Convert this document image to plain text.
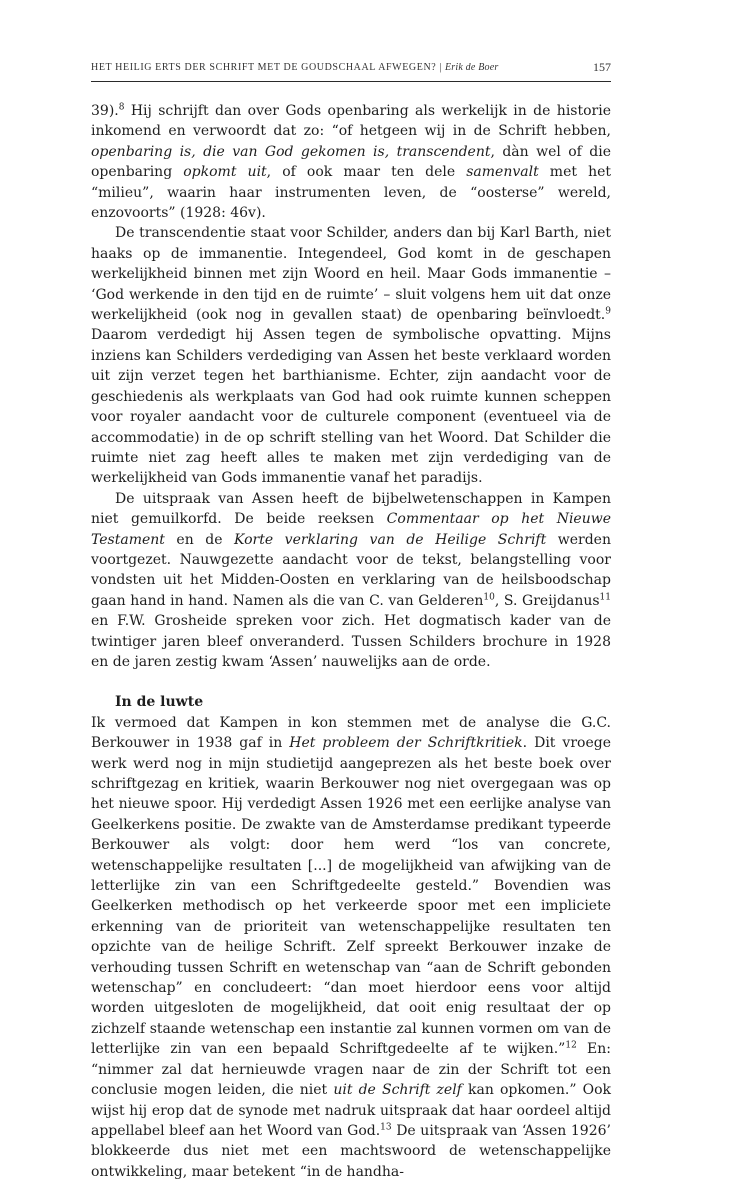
HET HEILIG ERTS DER SCHRIFT MET DE GOUDSCHAAL AFWEGEN? | Erik de Boer	157

39).$^8$ Hij schrijft dan over Gods openbaring als werkelijk in de historie inkomend en verwoordt dat zo: “of hetgeen wij in de Schrift hebben, openbaring is, die van God gekomen is, transcendent, dàn wel of die openbaring opkomt uit, of ook maar ten dele samenvalt met het “milieu”, waarin haar instrumenten leven, de “oosterse” wereld, enzovoorts” (1928: 46v).

De transcendentie staat voor Schilder, anders dan bij Karl Barth, niet haaks op de immanentie. Integendeel, God komt in de geschapen werkelijkheid binnen met zijn Woord en heil. Maar Gods immanentie – ‘God werkende in den tijd en de ruimte’ – sluit volgens hem uit dat onze werkelijkheid (ook nog in gevallen staat) de openbaring beïnvloedt.$^9$ Daarom verdedigt hij Assen tegen de symbolische opvatting. Mijns inziens kan Schilders verdediging van Assen het beste verklaard worden uit zijn verzet tegen het barthianisme. Echter, zijn aandacht voor de geschiedenis als werkplaats van God had ook ruimte kunnen scheppen voor royaler aandacht voor de culturele component (eventueel via de accommodatie) in de op schrift stelling van het Woord. Dat Schilder die ruimte niet zag heeft alles te maken met zijn verdediging van de werkelijkheid van Gods immanentie vanaf het paradijs.

De uitspraak van Assen heeft de bijbelwetenschappen in Kampen niet gemuilkorfd. De beide reeksen Commentaar op het Nieuwe Testament en de Korte verklaring van de Heilige Schrift werden voortgezet. Nauwgezette aandacht voor de tekst, belangstelling voor vondsten uit het Midden-Oosten en verklaring van de heilsboodschap gaan hand in hand. Namen als die van C. van Gelderen$^{10}$, S. Greijdanus$^{11}$ en F.W. Grosheide spreken voor zich. Het dogmatisch kader van de twintiger jaren bleef onveranderd. Tussen Schilders brochure in 1928 en de jaren zestig kwam ‘Assen’ nauwelijks aan de orde.

In de luwte

Ik vermoed dat Kampen in kon stemmen met de analyse die G.C. Berkouwer in 1938 gaf in Het probleem der Schriftkritiek. Dit vroege werk werd nog in mijn studietijd aangeprezen als het beste boek over schriftgezag en kritiek, waarin Berkouwer nog niet overgegaan was op het nieuwe spoor. Hij verdedigt Assen 1926 met een eerlijke analyse van Geelkerkens positie. De zwakte van de Amsterdamse predikant typeerde Berkouwer als volgt: door hem werd “los van concrete, wetenschappelijke resultaten [...] de mogelijkheid van afwijking van de letterlijke zin van een Schriftgedeelte gesteld.” Bovendien was Geelkerken methodisch op het verkeerde spoor met een impliciete erkenning van de prioriteit van wetenschappelijke resultaten ten opzichte van de heilige Schrift. Zelf spreekt Berkouwer inzake de verhouding tussen Schrift en wetenschap van “aan de Schrift gebonden wetenschap” en concludeert: “dan moet hierdoor eens voor altijd worden uitgesloten de mogelijkheid, dat ooit enig resultaat der op zichzelf staande wetenschap een instantie zal kunnen vormen om van de letterlijke zin van een bepaald Schriftgedeelte af te wijken.”$^{12}$ En: “nimmer zal dat hernieuwde vragen naar de zin der Schrift tot een conclusie mogen leiden, die niet uit de Schrift zelf kan opkomen.” Ook wijst hij erop dat de synode met nadruk uitspraak dat haar oordeel altijd appellabel bleef aan het Woord van God.$^{13}$ De uitspraak van ‘Assen 1926’ blokkeerde dus niet met een machtswoord de wetenschappelijke ontwikkeling, maar betekent “in de handha-
